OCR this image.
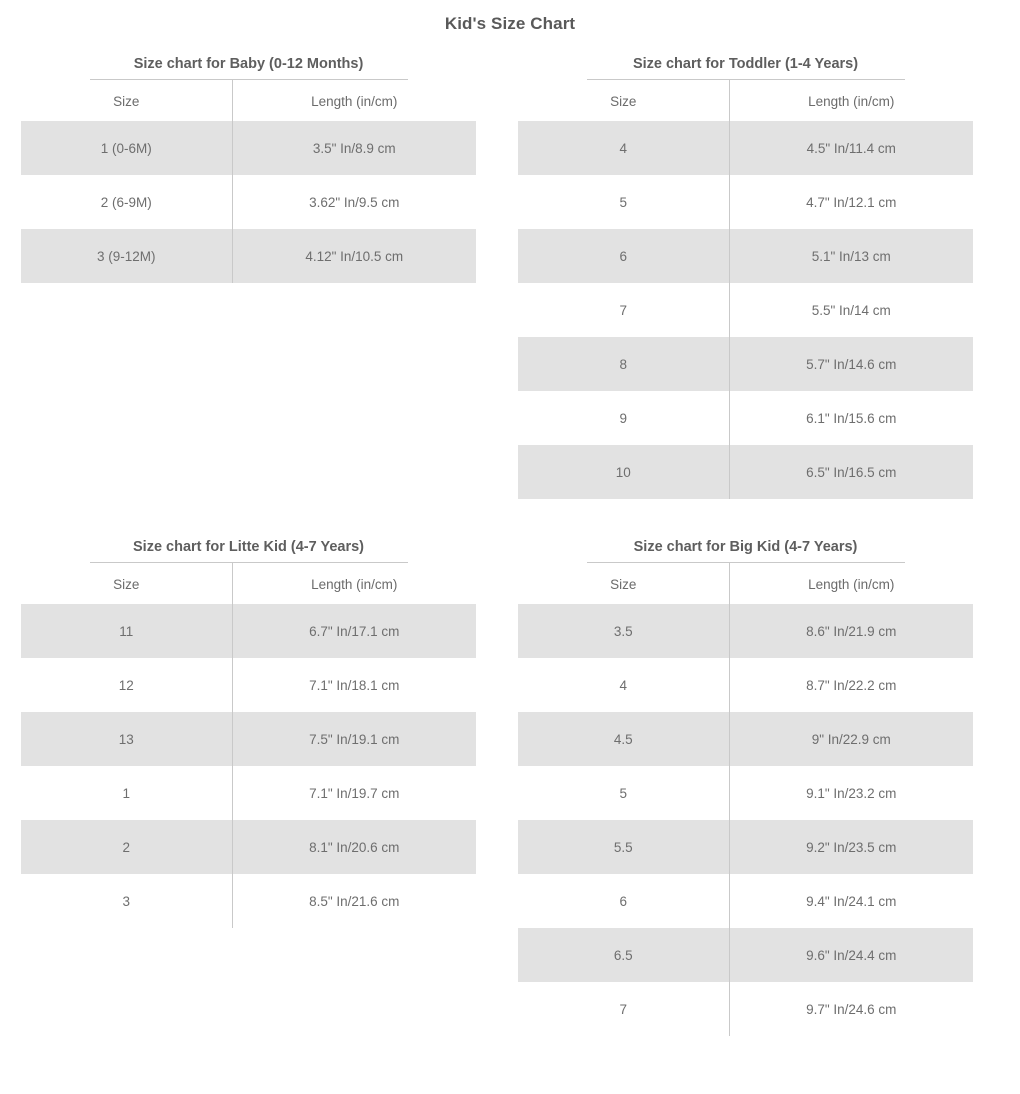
Kid's Size Chart
Size chart for Baby (0-12 Months)
Size	Length (in/cm)
1 (0-6M)	3.5" In/8.9 cm
2 (6-9M)	3.62" In/9.5 cm
3 (9-12M)	4.12" In/10.5 cm
Size chart for Toddler (1-4 Years)
Size	Length (in/cm)
4	4.5" In/11.4 cm
5	4.7" In/12.1 cm
6	5.1" In/13 cm
7	5.5" In/14 cm
8	5.7" In/14.6 cm
9	6.1" In/15.6 cm
10	6.5" In/16.5 cm
Size chart for Litte Kid (4-7 Years)
Size	Length (in/cm)
11	6.7" In/17.1 cm
12	7.1" In/18.1 cm
13	7.5" In/19.1 cm
1	7.1" In/19.7 cm
2	8.1" In/20.6 cm
3	8.5" In/21.6 cm
Size chart for Big Kid (4-7 Years)
Size	Length (in/cm)
3.5	8.6" In/21.9 cm
4	8.7" In/22.2 cm
4.5	9" In/22.9 cm
5	9.1" In/23.2 cm
5.5	9.2" In/23.5 cm
6	9.4" In/24.1 cm
6.5	9.6" In/24.4 cm
7	9.7" In/24.6 cm
